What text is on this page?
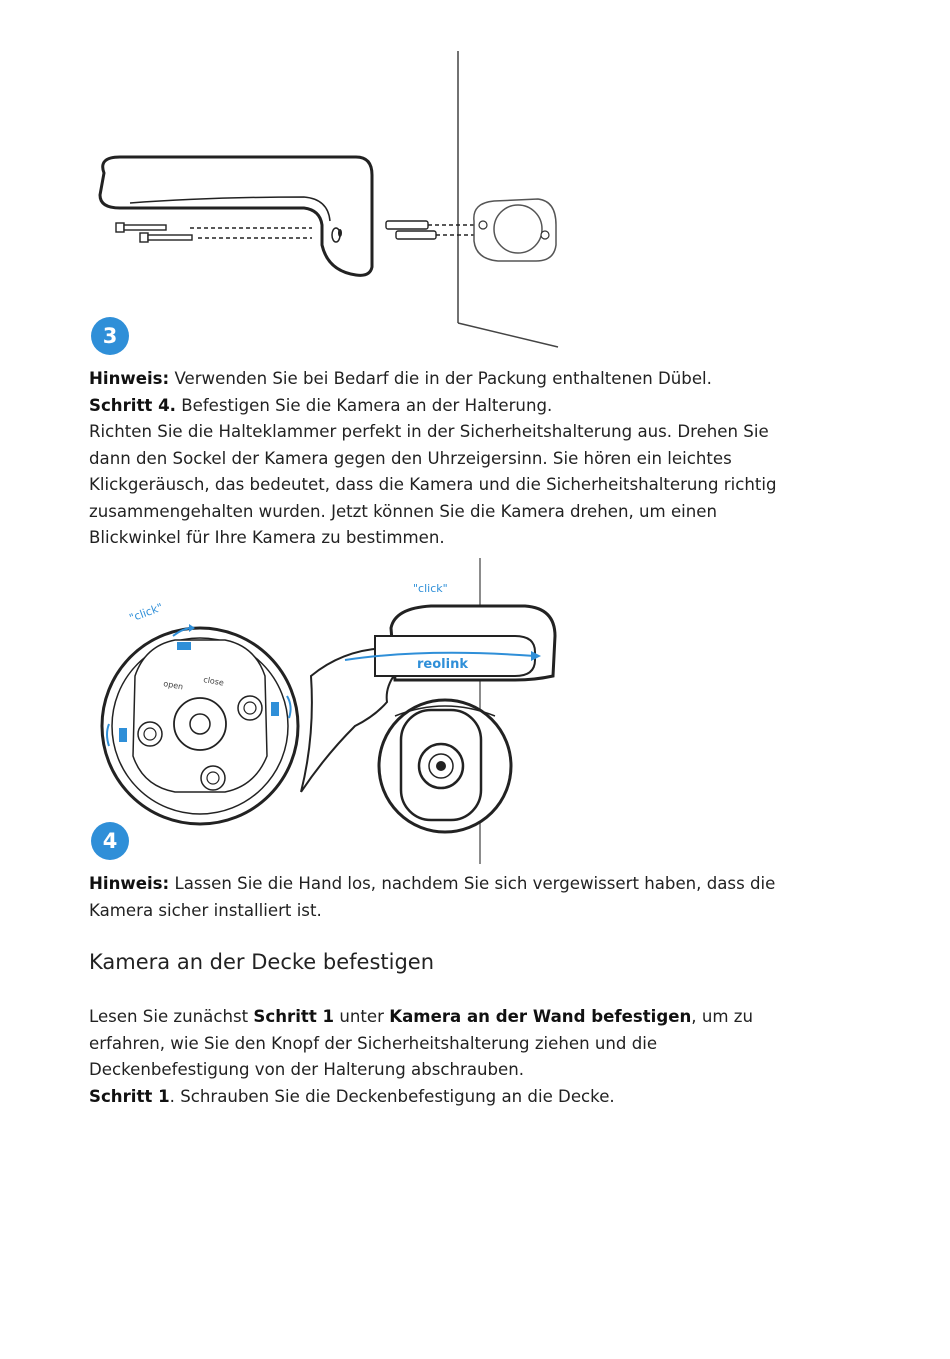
3
Hinweis: Verwenden Sie bei Bedarf die in der Packung enthaltenen Dübel.
Schritt 4. Befestigen Sie die Kamera an der Halterung.
Richten Sie die Halteklammer perfekt in der Sicherheitshalterung aus. Drehen Sie
dann den Sockel der Kamera gegen den Uhrzeigersinn. Sie hören ein leichtes
Klickgeräusch, das bedeutet, dass die Kamera und die Sicherheitshalterung richtig
zusammengehalten wurden. Jetzt können Sie die Kamera drehen, um einen
Blickwinkel für Ihre Kamera zu bestimmen.
"click"
open close
reolink
"click"
4
Hinweis: Lassen Sie die Hand los, nachdem Sie sich vergewissert haben, dass die
Kamera sicher installiert ist.
Kamera an der Decke befestigen
Lesen Sie zunächst Schritt 1 unter Kamera an der Wand befestigen, um zu
erfahren, wie Sie den Knopf der Sicherheitshalterung ziehen und die
Deckenbefestigung von der Halterung abschrauben.
Schritt 1. Schrauben Sie die Deckenbefestigung an die Decke.
